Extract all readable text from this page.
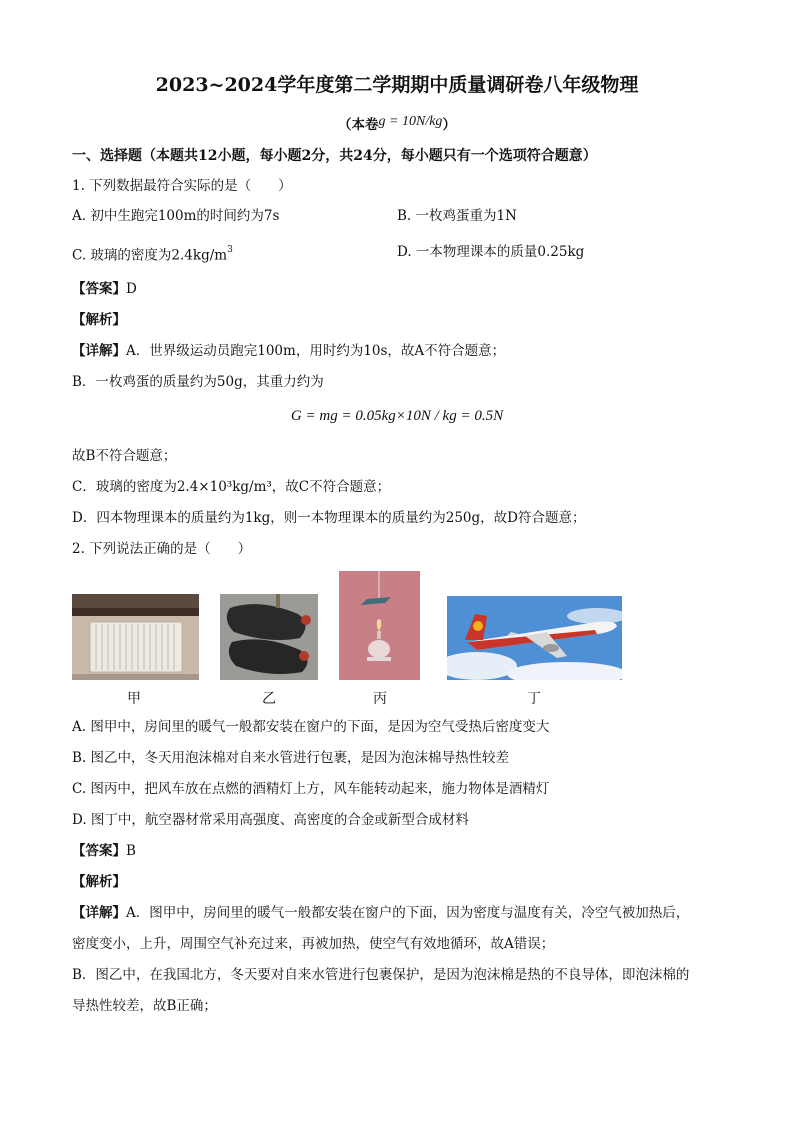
2023~2024学年度第二学期期中质量调研卷八年级物理
（本卷g = 10N/kg）
一、选择题（本题共12小题，每小题2分，共24分，每小题只有一个选项符合题意）
1. 下列数据最符合实际的是（　　）
A. 初中生跑完100m的时间约为7s	B. 一枚鸡蛋重为1N
C. 玻璃的密度为$2.4kg/m^3$	D. 一本物理课本的质量0.25kg
【答案】D
【解析】
【详解】A．世界级运动员跑完100m，用时约为10s，故A不符合题意；
B．一枚鸡蛋的质量约为50g，其重力约为
G = mg = 0.05kg×10N / kg = 0.5N
故B不符合题意；
C．玻璃的密度为2.4×10³kg/m³，故C不符合题意；
D．四本物理课本的质量约为1kg，则一本物理课本的质量约为250g，故D符合题意；
2. 下列说法正确的是（　　）
甲	乙	丙	丁
A. 图甲中，房间里的暖气一般都安装在窗户的下面，是因为空气受热后密度变大
B. 图乙中，冬天用泡沫棉对自来水管进行包裹，是因为泡沫棉导热性较差
C. 图丙中，把风车放在点燃的酒精灯上方，风车能转动起来，施力物体是酒精灯
D. 图丁中，航空器材常采用高强度、高密度的合金或新型合成材料
【答案】B
【解析】
【详解】A．图甲中，房间里的暖气一般都安装在窗户的下面，因为密度与温度有关，冷空气被加热后，
密度变小，上升，周围空气补充过来，再被加热，使空气有效地循环，故A错误；
B．图乙中，在我国北方，冬天要对自来水管进行包裹保护，是因为泡沫棉是热的不良导体，即泡沫棉的
导热性较差，故B正确；
